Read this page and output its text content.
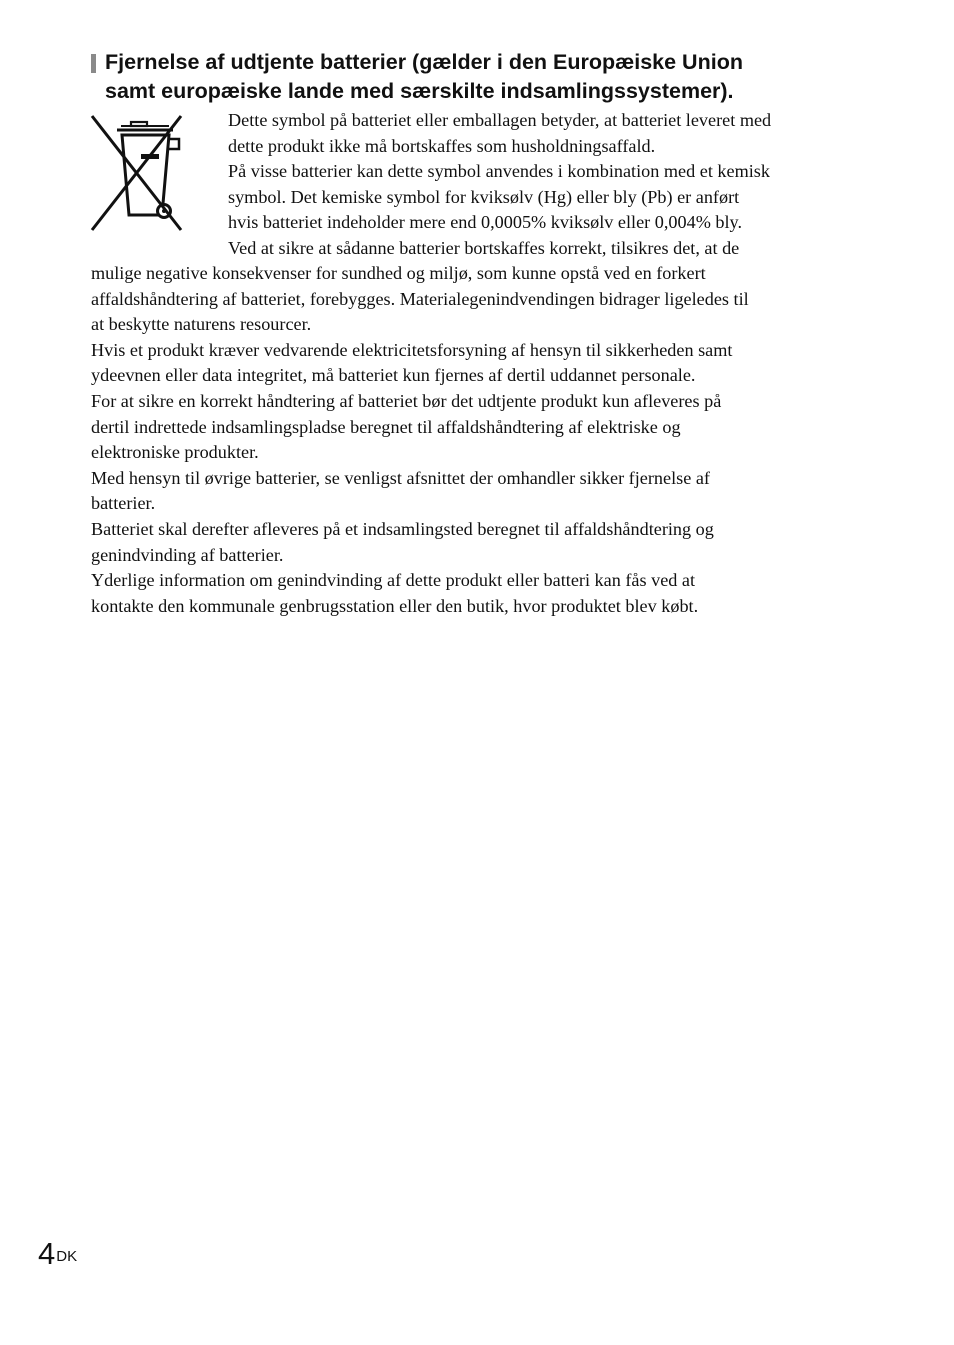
Fjernelse af udtjente batterier (gælder i den Europæiske Union
samt europæiske lande med særskilte indsamlingssystemer).
Dette symbol på batteriet eller emballagen betyder, at batteriet leveret med
dette produkt ikke må bortskaffes som husholdningsaffald.
På visse batterier kan dette symbol anvendes i kombination med et kemisk
symbol. Det kemiske symbol for kviksølv (Hg) eller bly (Pb) er anført
hvis batteriet indeholder mere end 0,0005% kviksølv eller 0,004% bly.
Ved at sikre at sådanne batterier bortskaffes korrekt, tilsikres det, at de
mulige negative konsekvenser for sundhed og miljø, som kunne opstå ved en forkert
affaldshåndtering af batteriet, forebygges. Materialegenindvendingen bidrager ligeledes til
at beskytte naturens resourcer.
Hvis et produkt kræver vedvarende elektricitetsforsyning af hensyn til sikkerheden samt
ydeevnen eller data integritet, må batteriet kun fjernes af dertil uddannet personale.
For at sikre en korrekt håndtering af batteriet bør det udtjente produkt kun afleveres på
dertil indrettede indsamlingspladse beregnet til affaldshåndtering af elektriske og
elektroniske produkter.
Med hensyn til øvrige batterier, se venligst afsnittet der omhandler sikker fjernelse af
batterier.
Batteriet skal derefter afleveres på et indsamlingsted beregnet til affaldshåndtering og
genindvinding af batterier.
Yderlige information om genindvinding af dette produkt eller batteri kan fås ved at
kontakte den kommunale genbrugsstation eller den butik, hvor produktet blev købt.
$4^{DK}$
